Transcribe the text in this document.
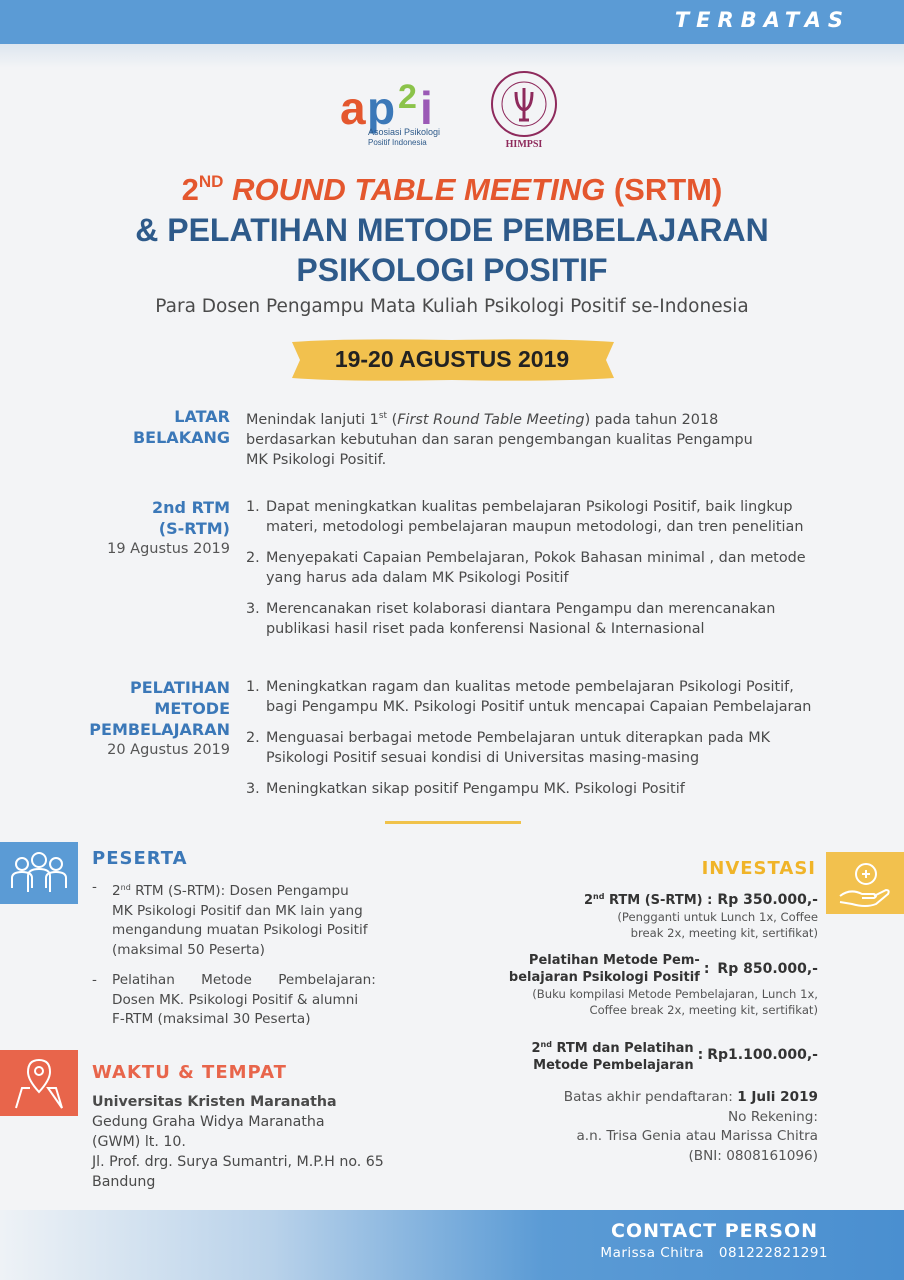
TERBATAS
a p 2 i
Asosiasi Psikologi
Positif Indonesia	HIMPSI
2ND ROUND TABLE MEETING (SRTM)
& PELATIHAN METODE PEMBELAJARAN
PSIKOLOGI POSITIF
Para Dosen Pengampu Mata Kuliah Psikologi Positif se-Indonesia
19-20 AGUSTUS 2019
LATAR
BELAKANG
Menindak lanjuti 1st (First Round Table Meeting) pada tahun 2018
berdasarkan kebutuhan dan saran pengembangan kualitas Pengampu
MK Psikologi Positif.
2nd RTM
(S-RTM)
19 Agustus 2019
1. Dapat meningkatkan kualitas pembelajaran Psikologi Positif, baik lingkup
materi, metodologi pembelajaran maupun metodologi, dan tren penelitian
2. Menyepakati Capaian Pembelajaran, Pokok Bahasan minimal , dan metode
yang harus ada dalam MK Psikologi Positif
3. Merencanakan riset kolaborasi diantara Pengampu dan merencanakan
publikasi hasil riset pada konferensi Nasional & Internasional
PELATIHAN
METODE
PEMBELAJARAN
20 Agustus 2019
1. Meningkatkan ragam dan kualitas metode pembelajaran Psikologi Positif,
bagi Pengampu MK. Psikologi Positif untuk mencapai Capaian Pembelajaran
2. Menguasai berbagai metode Pembelajaran untuk diterapkan pada MK
Psikologi Positif sesuai kondisi di Universitas masing-masing
3. Meningkatkan sikap positif Pengampu MK. Psikologi Positif
PESERTA
-	2nd RTM (S-RTM): Dosen Pengampu
MK Psikologi Positif dan MK lain yang
mengandung muatan Psikologi Positif
(maksimal 50 Peserta)
-	Pelatihan Metode Pembelajaran:
Dosen MK. Psikologi Positif & alumni
F-RTM (maksimal 30 Peserta)
WAKTU & TEMPAT
Universitas Kristen Maranatha
Gedung Graha Widya Maranatha
(GWM) lt. 10.
Jl. Prof. drg. Surya Sumantri, M.P.H no. 65
Bandung
INVESTASI
2nd RTM (S-RTM) : Rp 350.000,-
(Pengganti untuk Lunch 1x, Coffee
break 2x, meeting kit, sertifikat)
Pelatihan Metode Pem-
belajaran Psikologi Positif
: Rp 850.000,-
(Buku kompilasi Metode Pembelajaran, Lunch 1x,
Coffee break 2x, meeting kit, sertifikat)
2nd RTM dan Pelatihan
Metode Pembelajaran
: Rp1.100.000,-
Batas akhir pendaftaran: 1 Juli 2019
No Rekening:
a.n. Trisa Genia atau Marissa Chitra
(BNI: 0808161096)
CONTACT PERSON
Marissa Chitra 081222821291
